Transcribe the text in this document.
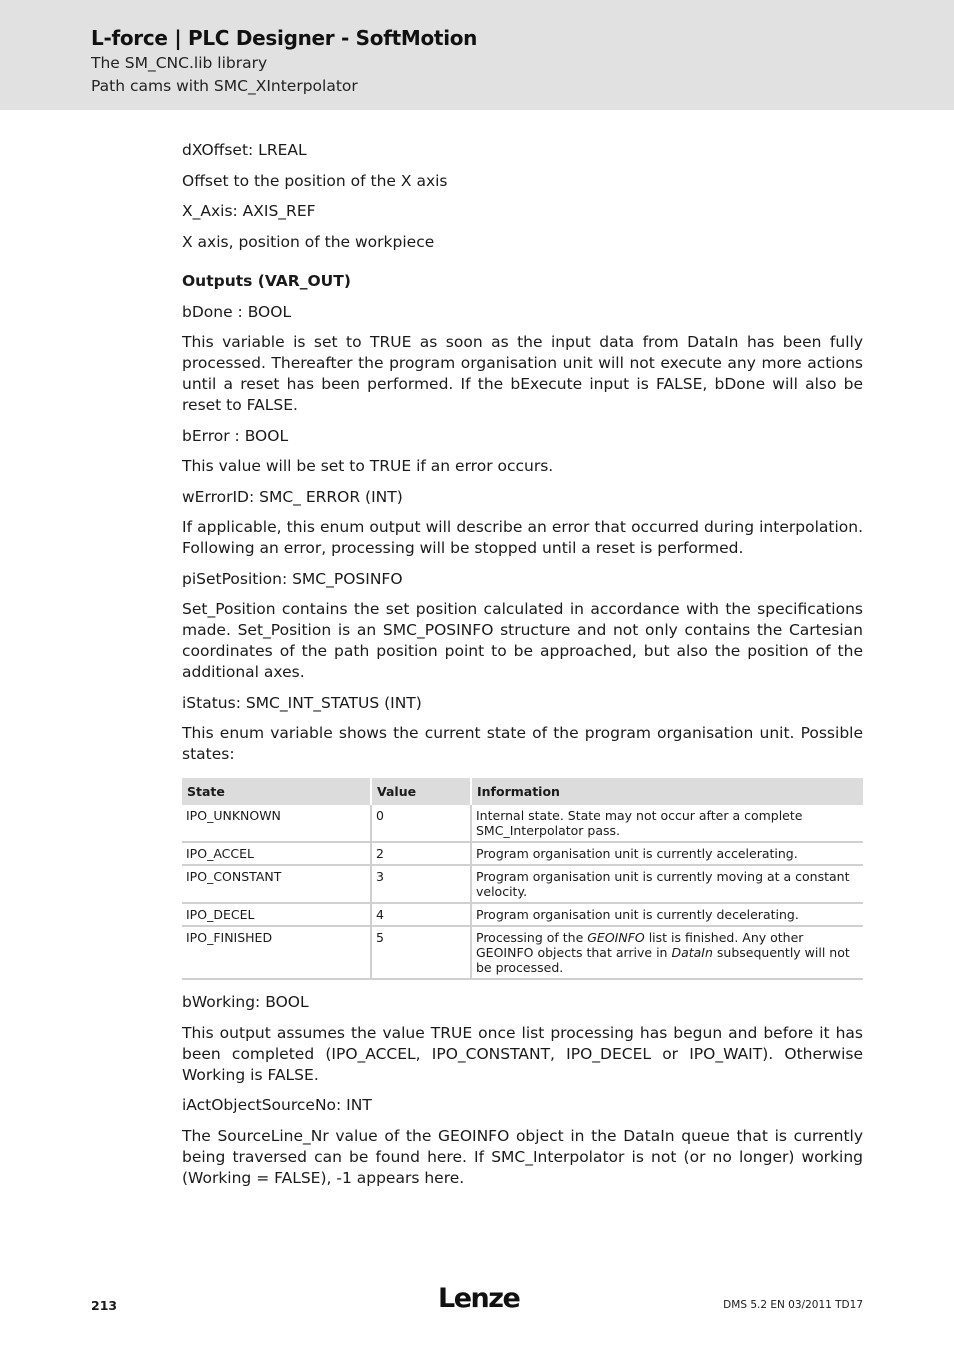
L-force | PLC Designer - SoftMotion
The SM_CNC.lib library
Path cams with SMC_XInterpolator

dXOffset: LREAL

Offset to the position of the X axis

X_Axis: AXIS_REF

X axis, position of the workpiece

Outputs (VAR_OUT)

bDone : BOOL

This variable is set to TRUE as soon as the input data from DataIn has been fully processed. Thereafter the program organisation unit will not execute any more actions until a reset has been performed. If the bExecute input is FALSE, bDone will also be reset to FALSE.

bError : BOOL

This value will be set to TRUE if an error occurs.

wErrorID: SMC_ ERROR (INT)

If applicable, this enum output will describe an error that occurred during interpolation. Following an error, processing will be stopped until a reset is performed.

piSetPosition: SMC_POSINFO

Set_Position contains the set position calculated in accordance with the specifications made. Set_Position is an SMC_POSINFO structure and not only contains the Cartesian coordinates of the path position point to be approached, but also the position of the additional axes.

iStatus: SMC_INT_STATUS (INT)

This enum variable shows the current state of the program organisation unit. Possible states:

State	Value	Information
IPO_UNKNOWN	0	Internal state. State may not occur after a complete SMC_Interpolator pass.
IPO_ACCEL	2	Program organisation unit is currently accelerating.
IPO_CONSTANT	3	Program organisation unit is currently moving at a constant velocity.
IPO_DECEL	4	Program organisation unit is currently decelerating.
IPO_FINISHED	5	Processing of the GEOINFO list is finished. Any other GEOINFO objects that arrive in DataIn subsequently will not be processed.

bWorking: BOOL

This output assumes the value TRUE once list processing has begun and before it has been completed (IPO_ACCEL, IPO_CONSTANT, IPO_DECEL or IPO_WAIT). Otherwise Working is FALSE.

iActObjectSourceNo: INT

The SourceLine_Nr value of the GEOINFO object in the DataIn queue that is currently being traversed can be found here. If SMC_Interpolator is not (or no longer) working (Working = FALSE), -1 appears here.

213	Lenze	DMS 5.2 EN 03/2011 TD17
